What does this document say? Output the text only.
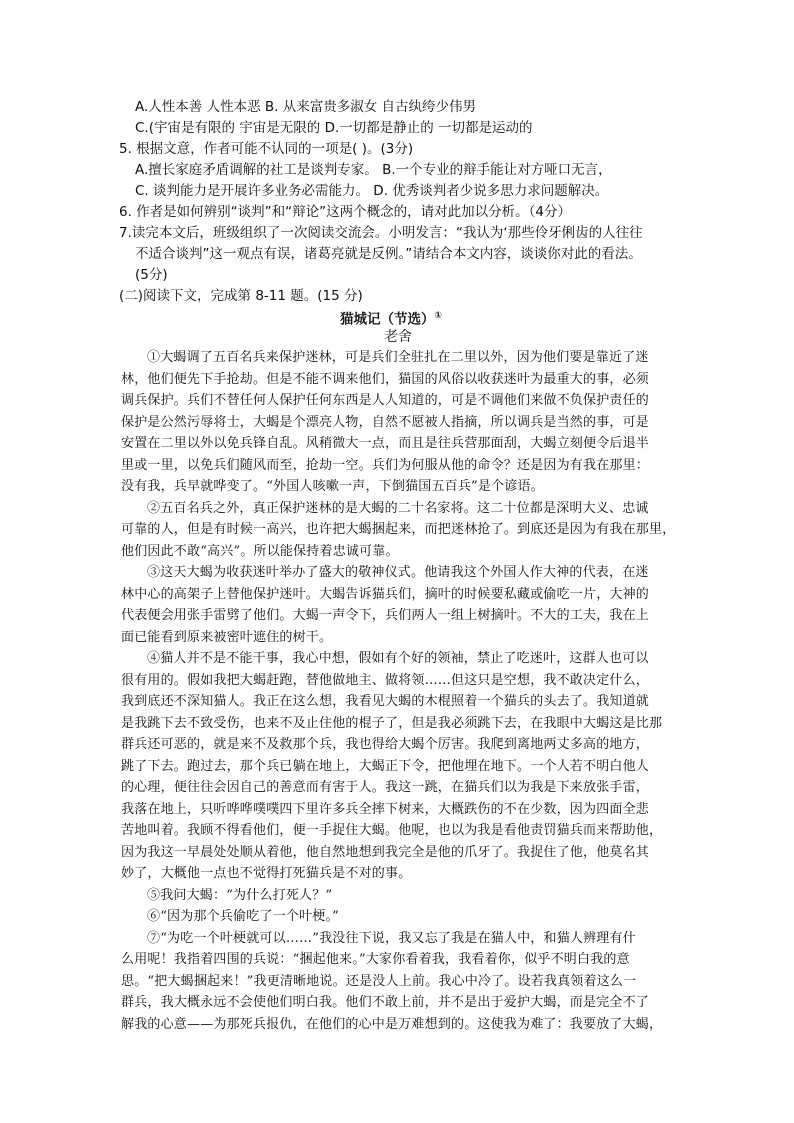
A.人性本善 人性本恶 B. 从来富贵多淑女 自古纨绔少伟男
C.(宇宙是有限的 宇宙是无限的 D.一切都是静止的 一切都是运动的
5. 根据文意，作者可能不认同的一项是( )。(3分)
A.擅长家庭矛盾调解的社工是谈判专家。 B.一个专业的辩手能让对方哑口无言，
C. 谈判能力是开展许多业务必需能力。 D. 优秀谈判者少说多思力求问题解决。
6. 作者是如何辨别“谈判”和“辩论”这两个概念的，请对此加以分析。（4分）
7.读完本文后，班级组织了一次阅读交流会。小明发言：“我认为‘那些伶牙俐齿的人往往
不适合谈判”这一观点有误，诸葛亮就是反例。”请结合本文内容，谈谈你对此的看法。
(5分)
(二)阅读下文，完成第 8-11 题。(15 分)
猫城记（节选）①
老舍
①大蝎调了五百名兵来保护迷林，可是兵们全驻扎在二里以外，因为他们要是靠近了迷
林，他们便先下手抢劫。但是不能不调来他们，猫国的风俗以收获迷叶为最重大的事，必须
调兵保护。兵们不替任何人保护任何东西是人人知道的，可是不调他们来做不负保护责任的
保护是公然污辱将士，大蝎是个漂亮人物，自然不愿被人指摘，所以调兵是当然的事，可是
安置在二里以外以免兵锋自乱。风稍微大一点，而且是往兵营那面刮，大蝎立刻便令后退半
里或一里，以免兵们随风而至，抢劫一空。兵们为何服从他的命令？还是因为有我在那里：
没有我，兵早就哗变了。“外国人咳嗽一声，下倒猫国五百兵”是个谚语。
②五百名兵之外，真正保护迷林的是大蝎的二十名家将。这二十位都是深明大义、忠诚
可靠的人，但是有时候一高兴，也许把大蝎捆起来，而把迷林抢了。到底还是因为有我在那里，
他们因此不敢“高兴”。所以能保持着忠诚可靠。
③这天大蝎为收获迷叶举办了盛大的敬神仪式。他请我这个外国人作大神的代表，在迷
林中心的高架子上替他保护迷叶。大蝎告诉猫兵们，摘叶的时候要私藏或偷吃一片，大神的
代表便会用张手雷劈了他们。大蝎一声令下，兵们两人一组上树摘叶。不大的工夫，我在上
面已能看到原来被密叶遮住的树干。
④猫人并不是不能干事，我心中想，假如有个好的领袖，禁止了吃迷叶，这群人也可以
很有用的。假如我把大蝎赶跑，替他做地主、做将领……但这只是空想，我不敢决定什么，
我到底还不深知猫人。我正在这么想，我看见大蝎的木棍照着一个猫兵的头去了。我知道就
是我跳下去不致受伤，也来不及止住他的棍子了，但是我必须跳下去，在我眼中大蝎这是比那
群兵还可恶的，就是来不及救那个兵，我也得给大蝎个厉害。我爬到离地两丈多高的地方，
跳了下去。跑过去，那个兵已躺在地上，大蝎正下令，把他埋在地下。一个人若不明白他人
的心理，便往往会因自己的善意而有害于人。我这一跳，在猫兵们以为我是下来放张手雷，
我落在地上，只听哗哗噗噗四下里许多兵全摔下树来，大概跌伤的不在少数，因为四面全悲
苦地叫着。我顾不得看他们，便一手捉住大蝎。他呢，也以为我是看他责罚猫兵而来帮助他，
因为我这一早晨处处顺从着他，他自然地想到我完全是他的爪牙了。我捉住了他，他莫名其
妙了，大概他一点也不觉得打死猫兵是不对的事。
⑤我问大蝎：“为什么打死人？”
⑥“因为那个兵偷吃了一个叶梗。”
⑦“为吃一个叶梗就可以……”我没往下说，我又忘了我是在猫人中，和猫人辨理有什
么用呢！我指着四围的兵说：“捆起他来。”大家你看着我，我看着你，似乎不明白我的意
思。“把大蝎捆起来！”我更清晰地说。还是没人上前。我心中冷了。设若我真领着这么一
群兵，我大概永远不会使他们明白我。他们不敢上前，并不是出于爱护大蝎，而是完全不了
解我的心意——为那死兵报仇，在他们的心中是万难想到的。这使我为难了：我要放了大蝎，
